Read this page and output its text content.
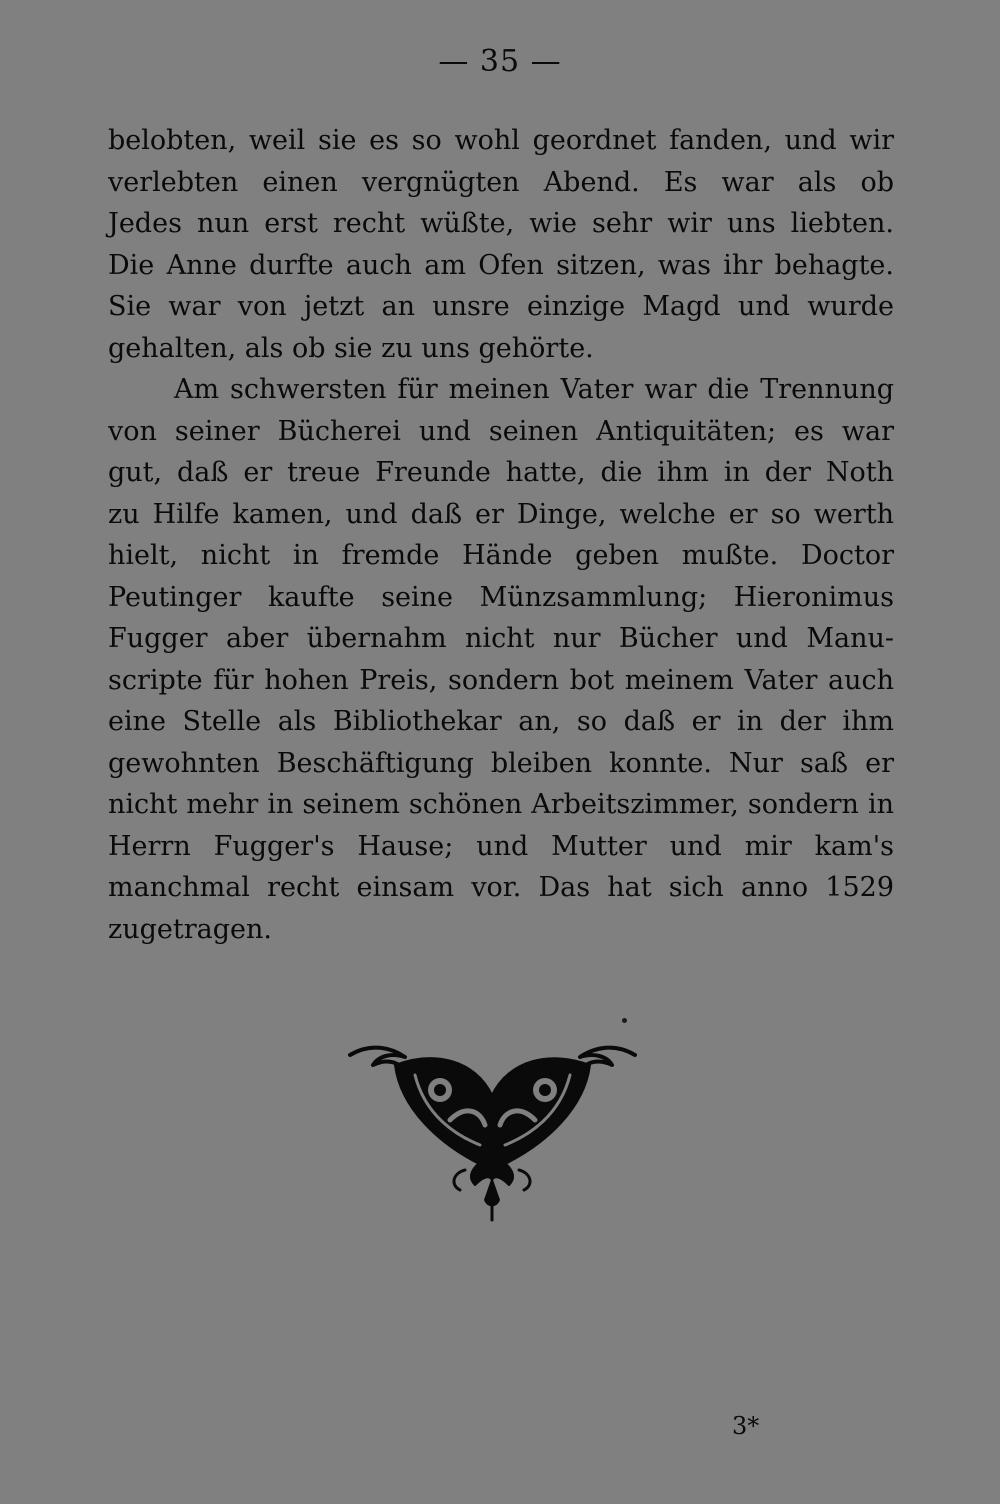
— 35 —
belobten, weil sie es so wohl geordnet fanden, und wir
verlebten einen vergnügten Abend. Es war als ob
Jedes nun erst recht wüßte, wie sehr wir uns liebten.
Die Anne durfte auch am Ofen sitzen, was ihr behagte.
Sie war von jetzt an unsre einzige Magd und wurde
gehalten, als ob sie zu uns gehörte.
Am schwersten für meinen Vater war die Trennung
von seiner Bücherei und seinen Antiquitäten; es war
gut, daß er treue Freunde hatte, die ihm in der Noth
zu Hilfe kamen, und daß er Dinge, welche er so werth
hielt, nicht in fremde Hände geben mußte. Doctor
Peutinger kaufte seine Münzsammlung; Hieronimus
Fugger aber übernahm nicht nur Bücher und Manu-
scripte für hohen Preis, sondern bot meinem Vater auch
eine Stelle als Bibliothekar an, so daß er in der ihm
gewohnten Beschäftigung bleiben konnte. Nur saß er
nicht mehr in seinem schönen Arbeitszimmer, sondern in
Herrn Fugger's Hause; und Mutter und mir kam's
manchmal recht einsam vor. Das hat sich anno 1529
zugetragen.
3*
